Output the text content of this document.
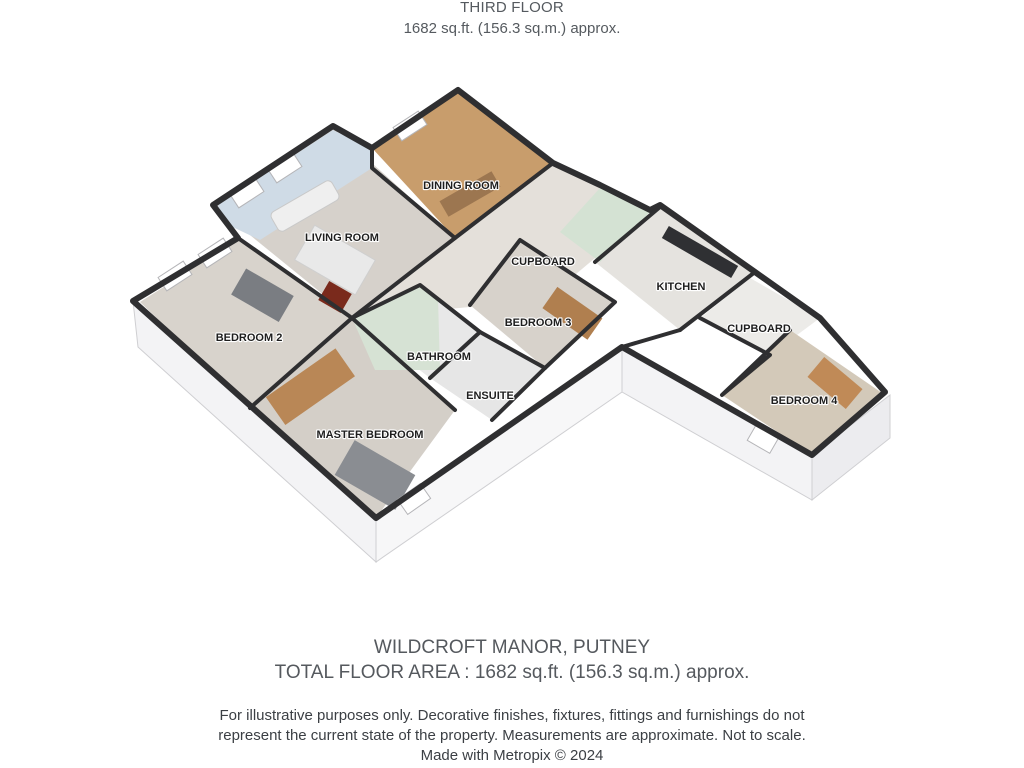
THIRD FLOOR
1682 sq.ft. (156.3 sq.m.) approx.
LIVING ROOM
DINING ROOM
CUPBOARD
KITCHEN
CUPBOARD
BEDROOM 2
BEDROOM 3
BATHROOM
ENSUITE
MASTER BEDROOM
BEDROOM 4
WILDCROFT MANOR, PUTNEY
TOTAL FLOOR AREA : 1682 sq.ft. (156.3 sq.m.) approx.
For illustrative purposes only. Decorative finishes, fixtures, fittings and furnishings do not
represent the current state of the property. Measurements are approximate. Not to scale.
Made with Metropix © 2024
